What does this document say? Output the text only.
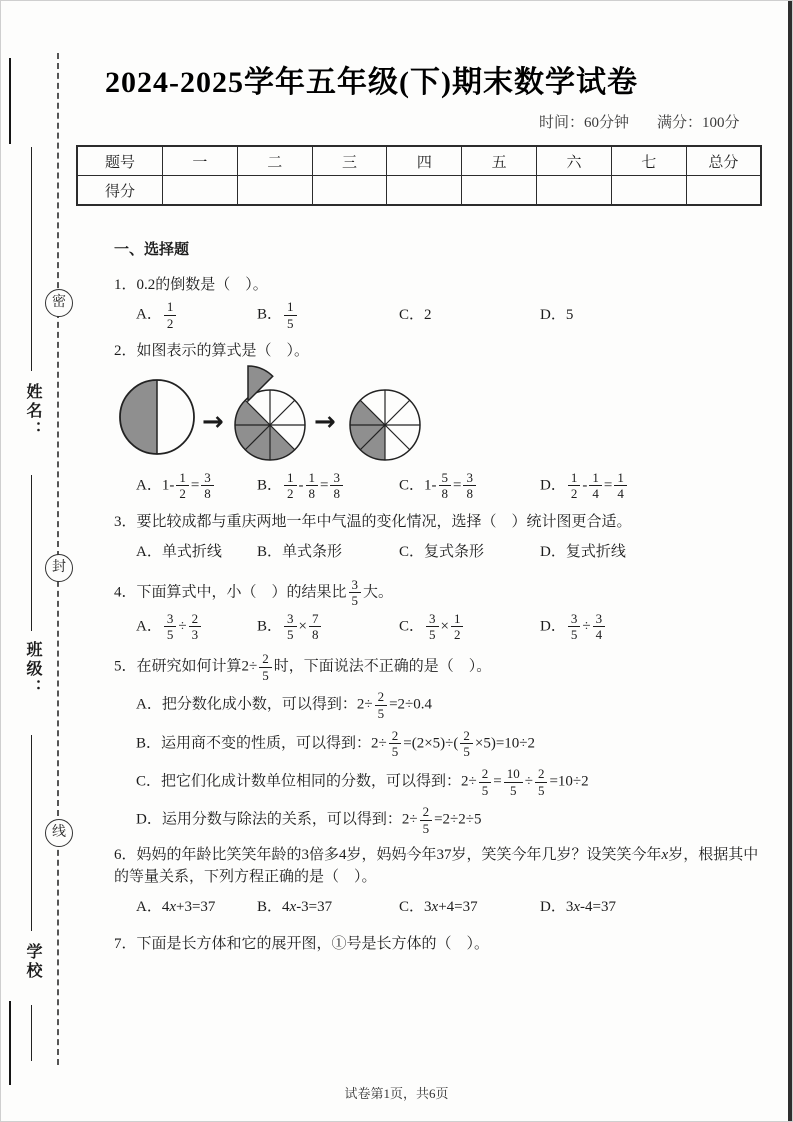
密
封
线
姓名：
班级：
学校
2024-2025学年五年级(下)期末数学试卷
时间：60分钟 满分：100分
题号	一	二	三	四	五	六	七	总分
得分								
一、选择题
1．0.2的倒数是（　）。
A． $\frac{1}{2}$	B． $\frac{1}{5}$	C．2	D．5
2．如图表示的算式是（　）。
→	→
A．$1- \frac{1}{2} = \frac{3}{8}$	B． $\frac{1}{2} - \frac{1}{8} = \frac{3}{8}$	C．$1- \frac{5}{8} = \frac{3}{8}$	D． $\frac{1}{2} - \frac{1}{4} = \frac{1}{4}$
3．要比较成都与重庆两地一年中气温的变化情况，选择（　）统计图更合适。
A．单式折线	B．单式条形	C．复式条形	D．复式折线
4．下面算式中，小（　）的结果比 $\frac{3}{5}$ 大。
A． $\frac{3}{5} \div \frac{2}{3}$	B． $\frac{3}{5} \times \frac{7}{8}$	C． $\frac{3}{5} \times \frac{1}{2}$	D． $\frac{3}{5} \div \frac{3}{4}$
5．在研究如何计算$2\div \frac{2}{5}$ 时，下面说法不正确的是（　）。
A．把分数化成小数，可以得到：$2\div \frac{2}{5} =2\div 0.4$
B．运用商不变的性质，可以得到：$2\div \frac{2}{5} =(2\times 5)\div( \frac{2}{5} \times 5)=10\div 2$
C．把它们化成计数单位相同的分数，可以得到：$2\div \frac{2}{5} = \frac{10}{5} \div \frac{2}{5} =10\div 2$
D．运用分数与除法的关系，可以得到：$2\div \frac{2}{5} =2\div 2\div 5$
6．妈妈的年龄比笑笑年龄的3倍多4岁，妈妈今年37岁，笑笑今年几岁？设笑笑今年x岁，根据其中的等量关系，下列方程正确的是（　）。
A．4x+3=37	B．4x-3=37	C．3x+4=37	D．3x-4=37
7．下面是长方体和它的展开图，①号是长方体的（　）。
试卷第1页，共6页
